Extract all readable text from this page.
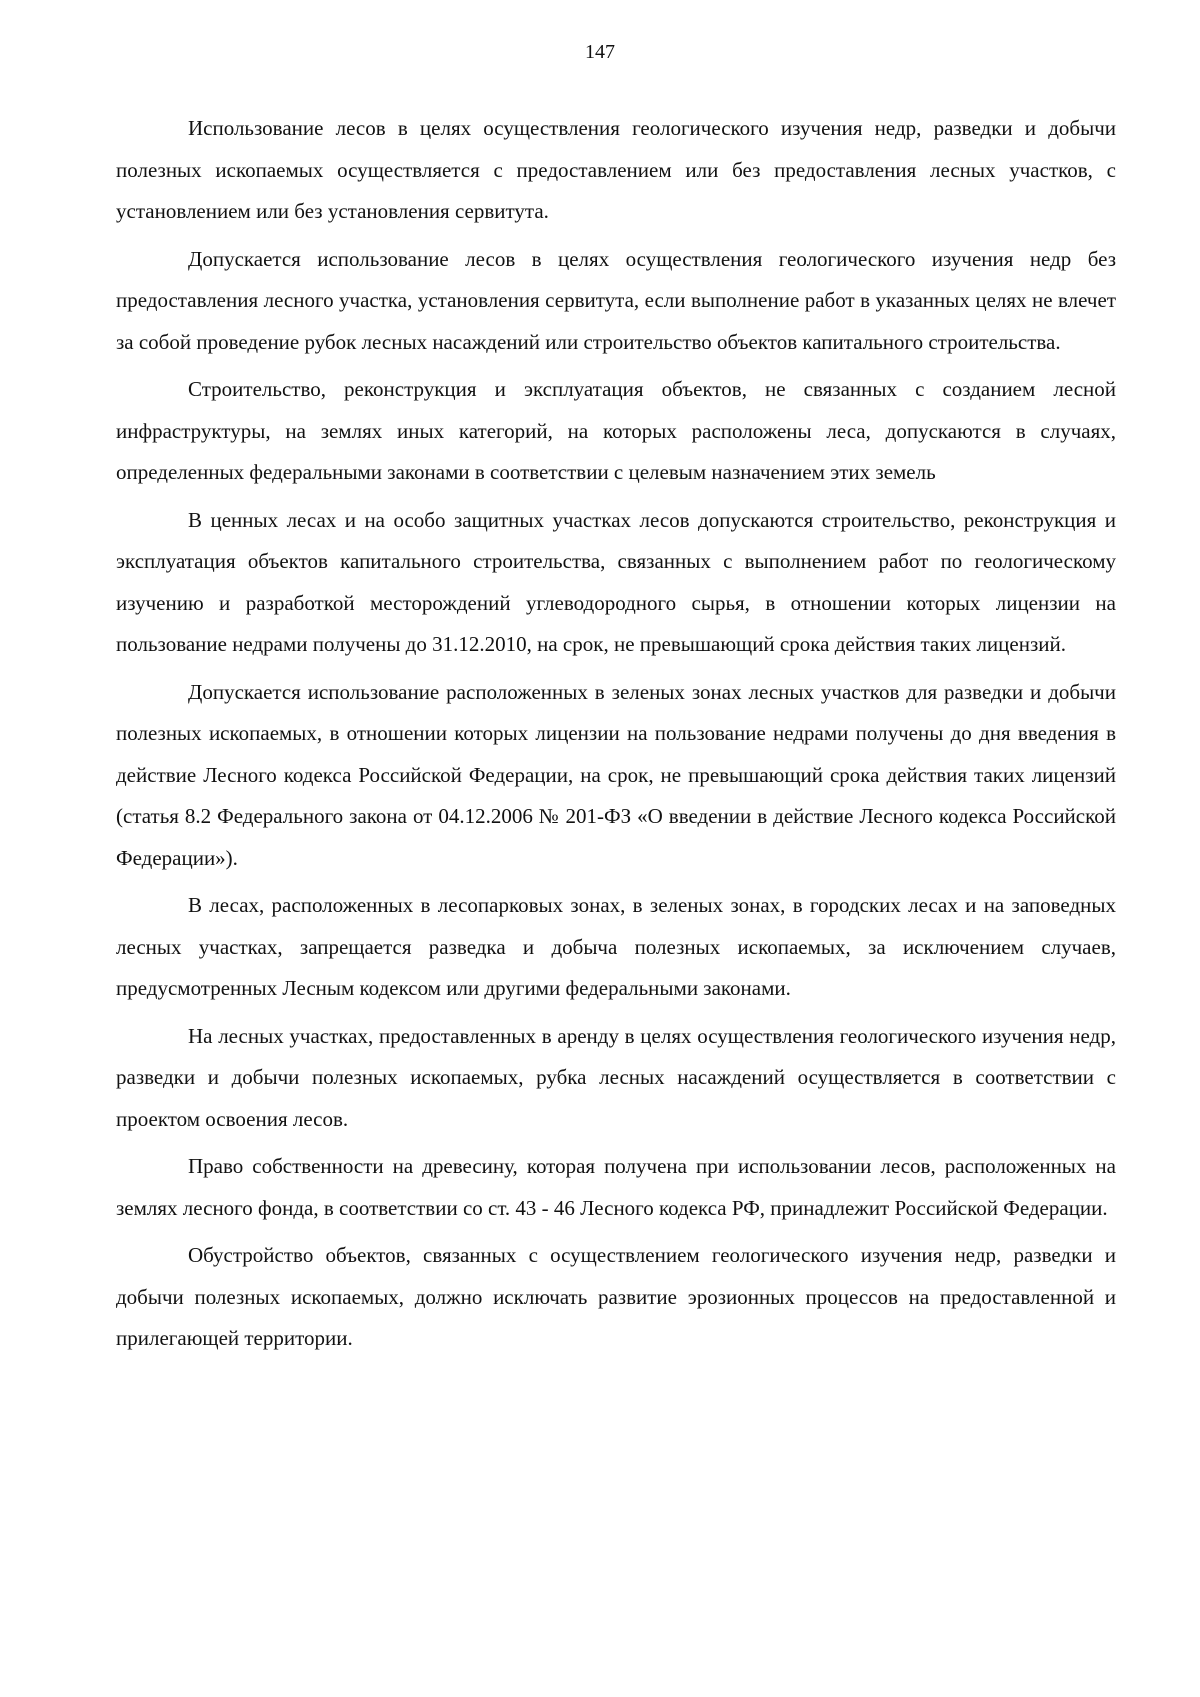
147

Использование лесов в целях осуществления геологического изучения недр, разведки и добычи полезных ископаемых осуществляется с предоставлением или без предоставления лесных участков, с установлением или без установления сервитута.

Допускается использование лесов в целях осуществления геологического изучения недр без предоставления лесного участка, установления сервитута, если выполнение работ в указанных целях не влечет за собой проведение рубок лесных насаждений или строительство объектов капитального строительства.

Строительство, реконструкция и эксплуатация объектов, не связанных с созданием лесной инфраструктуры, на землях иных категорий, на которых расположены леса, допускаются в случаях, определенных федеральными законами в соответствии с целевым назначением этих земель

В ценных лесах и на особо защитных участках лесов допускаются строительство, реконструкция и эксплуатация объектов капитального строительства, связанных с выполнением работ по геологическому изучению и разработкой месторождений углеводородного сырья, в отношении которых лицензии на пользование недрами получены до 31.12.2010, на срок, не превышающий срока действия таких лицензий.

Допускается использование расположенных в зеленых зонах лесных участков для разведки и добычи полезных ископаемых, в отношении которых лицензии на пользование недрами получены до дня введения в действие Лесного кодекса Российской Федерации, на срок, не превышающий срока действия таких лицензий (статья 8.2 Федерального закона от 04.12.2006 № 201-ФЗ «О введении в действие Лесного кодекса Российской Федерации»).

В лесах, расположенных в лесопарковых зонах, в зеленых зонах, в городских лесах и на заповедных лесных участках, запрещается разведка и добыча полезных ископаемых, за исключением случаев, предусмотренных Лесным кодексом или другими федеральными законами.

На лесных участках, предоставленных в аренду в целях осуществления геологического изучения недр, разведки и добычи полезных ископаемых, рубка лесных насаждений осуществляется в соответствии с проектом освоения лесов.

Право собственности на древесину, которая получена при использовании лесов, расположенных на землях лесного фонда, в соответствии со ст. 43 - 46 Лесного кодекса РФ, принадлежит Российской Федерации.

Обустройство объектов, связанных с осуществлением геологического изучения недр, разведки и добычи полезных ископаемых, должно исключать развитие эрозионных процессов на предоставленной и прилегающей территории.
